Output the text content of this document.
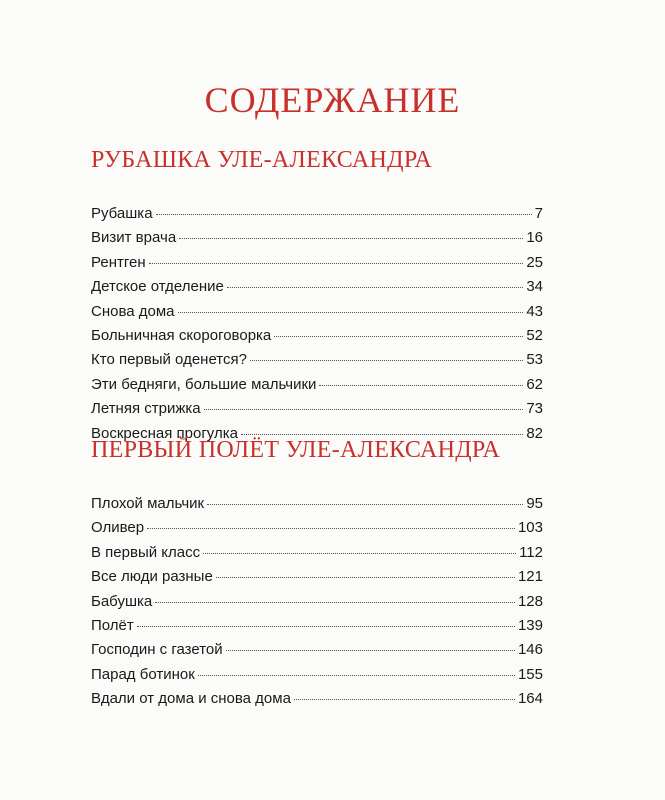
СОДЕРЖАНИЕ
РУБАШКА УЛЕ-АЛЕКСАНДРА
Рубашка	7
Визит врача	16
Рентген	25
Детское отделение	34
Снова дома	43
Больничная скороговорка	52
Кто первый оденется?	53
Эти бедняги, большие мальчики	62
Летняя стрижка	73
Воскресная прогулка	82
ПЕРВЫЙ ПОЛЁТ УЛЕ-АЛЕКСАНДРА
Плохой мальчик	95
Оливер	103
В первый класс	112
Все люди разные	121
Бабушка	128
Полёт	139
Господин с газетой	146
Парад ботинок	155
Вдали от дома и снова дома	164
